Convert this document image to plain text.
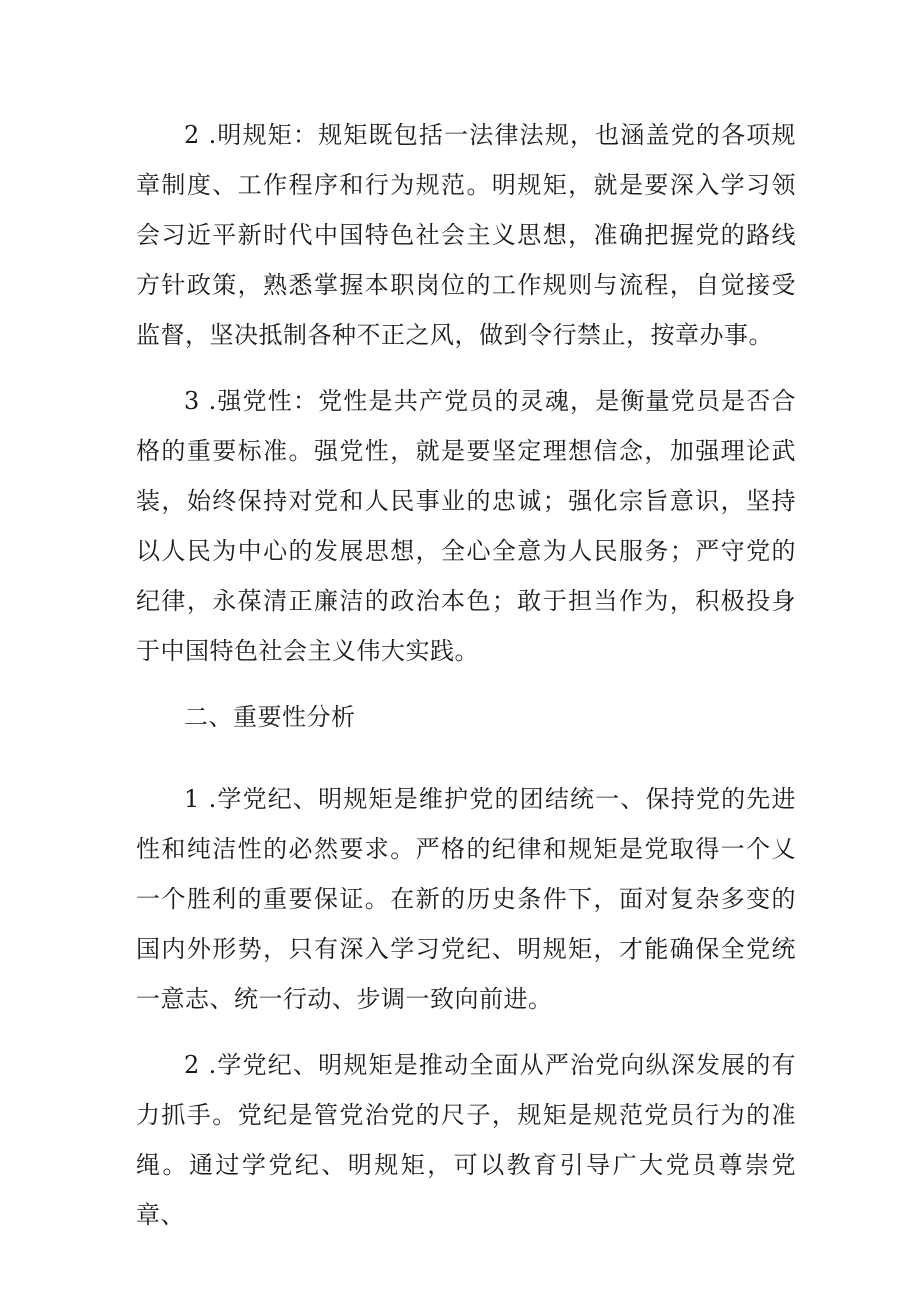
2 .明规矩：规矩既包括一法律法规，也涵盖党的各项规章制度、工作程序和行为规范。明规矩，就是要深入学习领会习近平新时代中国特色社会主义思想，准确把握党的路线方针政策，熟悉掌握本职岗位的工作规则与流程，自觉接受监督，坚决抵制各种不正之风，做到令行禁止，按章办事。

3 .强党性：党性是共产党员的灵魂，是衡量党员是否合格的重要标准。强党性，就是要坚定理想信念，加强理论武装，始终保持对党和人民事业的忠诚；强化宗旨意识，坚持以人民为中心的发展思想，全心全意为人民服务；严守党的纪律，永葆清正廉洁的政治本色；敢于担当作为，积极投身于中国特色社会主义伟大实践。

二、重要性分析

1 .学党纪、明规矩是维护党的团结统一、保持党的先进性和纯洁性的必然要求。严格的纪律和规矩是党取得一个乂一个胜利的重要保证。在新的历史条件下，面对复杂多变的国内外形势，只有深入学习党纪、明规矩，才能确保全党统一意志、统一行动、步调一致向前进。

2 .学党纪、明规矩是推动全面从严治党向纵深发展的有力抓手。党纪是管党治党的尺子，规矩是规范党员行为的准绳。通过学党纪、明规矩，可以教育引导广大党员尊崇党章、
